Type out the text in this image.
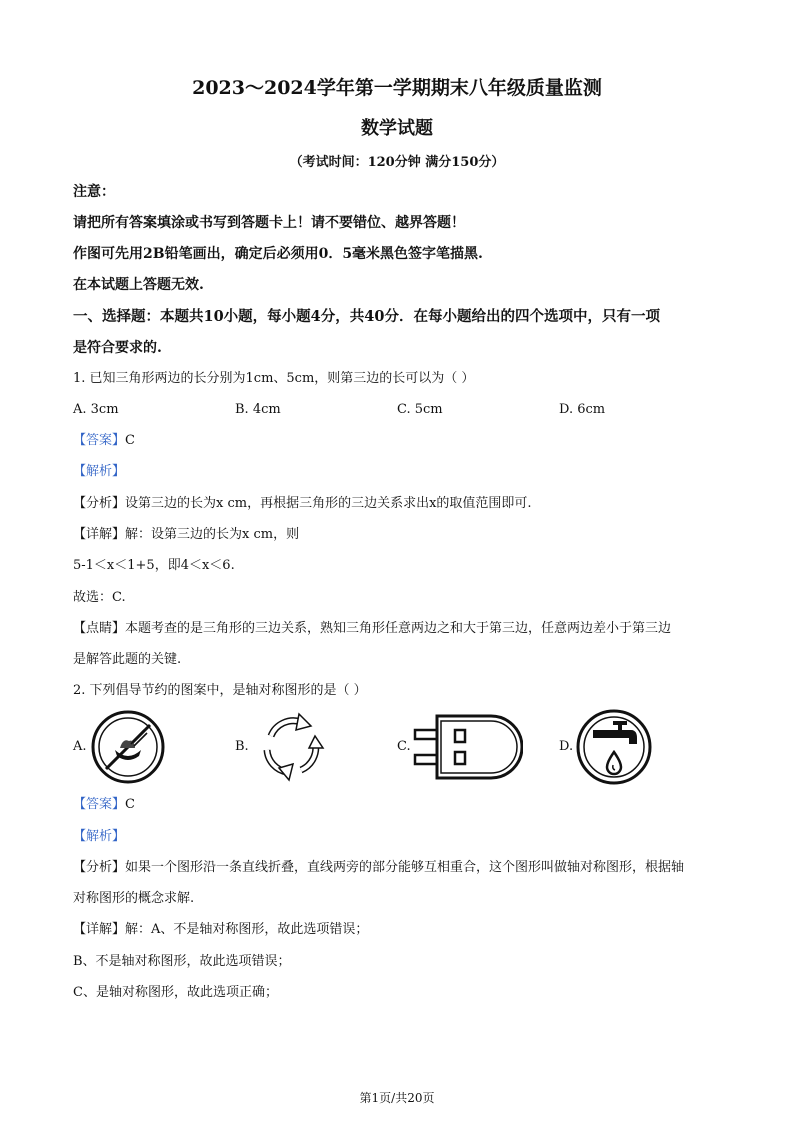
2023～2024学年第一学期期末八年级质量监测
数学试题
（考试时间：120分钟 满分150分）
注意：
请把所有答案填涂或书写到答题卡上！请不要错位、越界答题！
作图可先用2B铅笔画出，确定后必须用0．5毫米黑色签字笔描黑.
在本试题上答题无效.
一、选择题：本题共10小题，每小题4分，共40分．在每小题给出的四个选项中，只有一项
是符合要求的.
1. 已知三角形两边的长分别为1cm、5cm，则第三边的长可以为（ ）
A. 3cm	B. 4cm	C. 5cm	D. 6cm
【答案】C
【解析】
【分析】设第三边的长为x cm，再根据三角形的三边关系求出x的取值范围即可.
【详解】解：设第三边的长为x cm，则
5-1＜x＜1+5，即4＜x＜6.
故选：C.
【点睛】本题考查的是三角形的三边关系，熟知三角形任意两边之和大于第三边，任意两边差小于第三边
是解答此题的关键.
2. 下列倡导节约的图案中，是轴对称图形的是（ ）
A.	B.	C.	D.
【答案】C
【解析】
【分析】如果一个图形沿一条直线折叠，直线两旁的部分能够互相重合，这个图形叫做轴对称图形，根据轴
对称图形的概念求解.
【详解】解：A、不是轴对称图形，故此选项错误；
B、不是轴对称图形，故此选项错误；
C、是轴对称图形，故此选项正确；
第1页/共20页
